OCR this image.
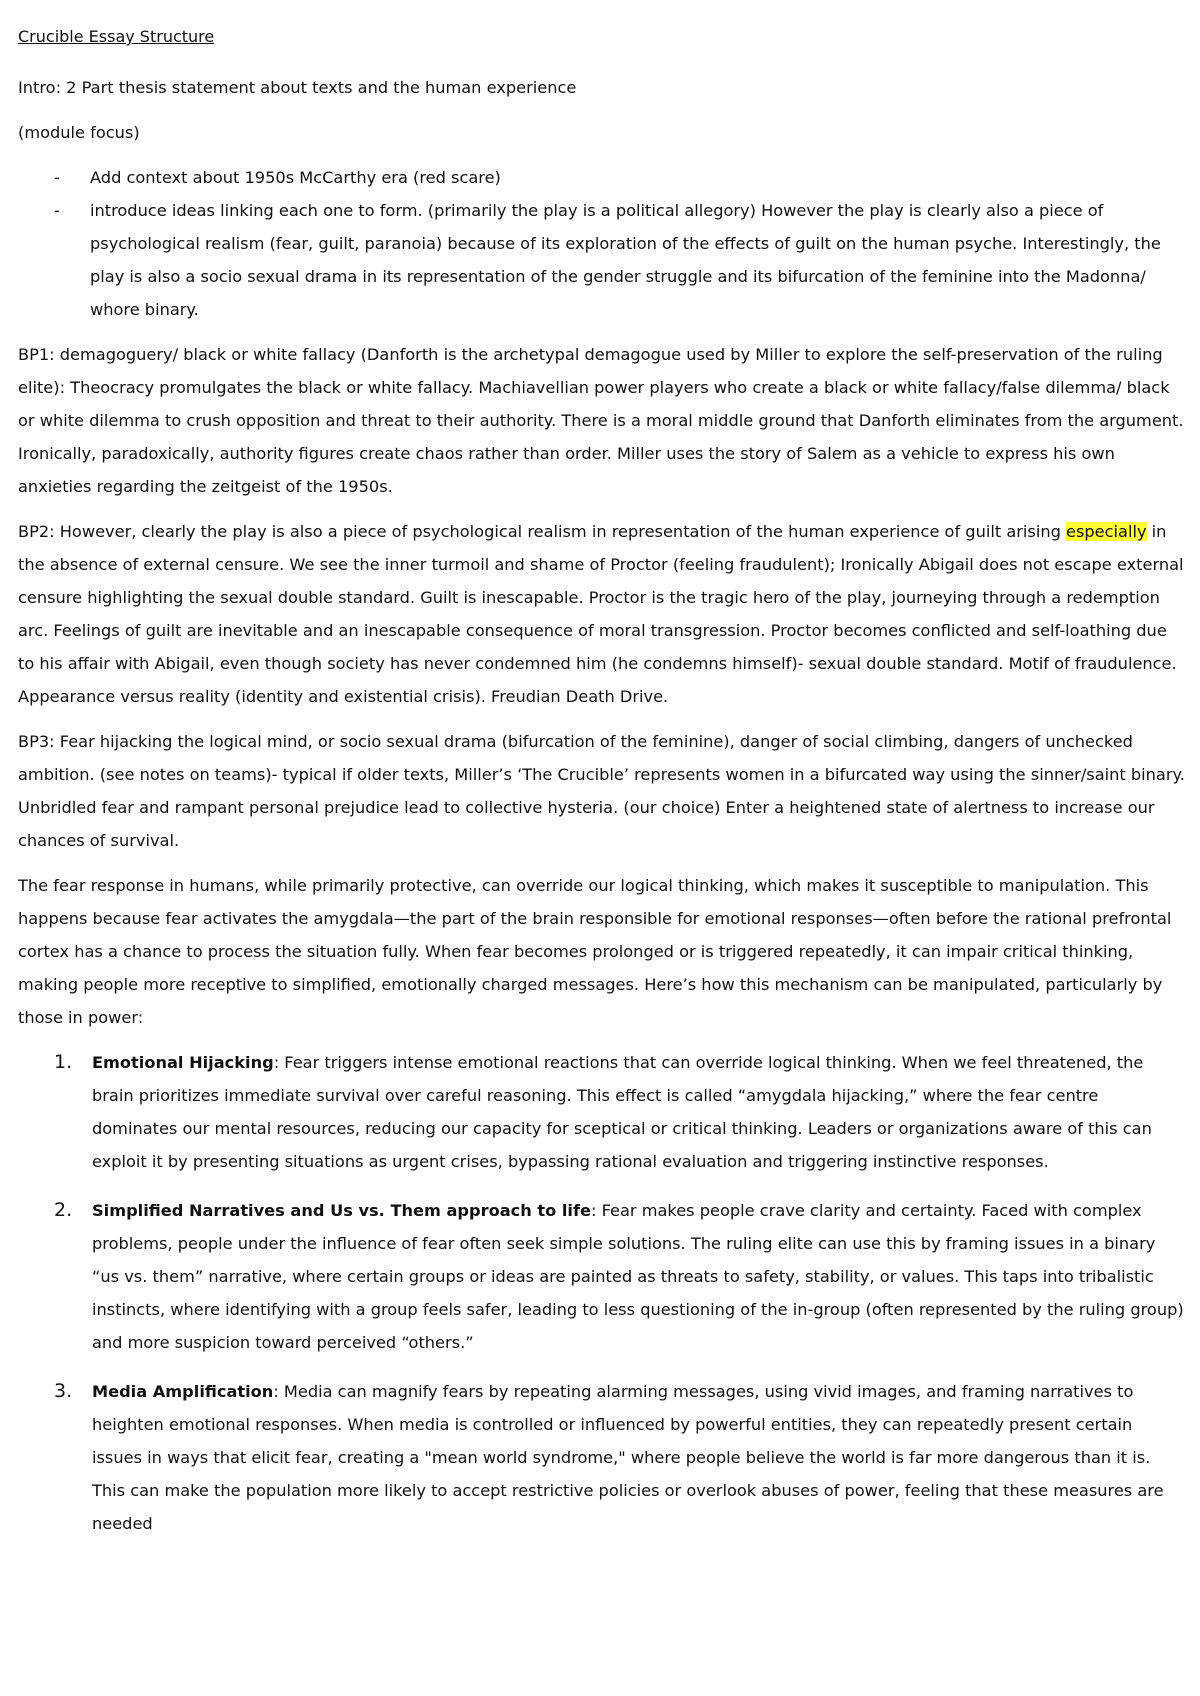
Crucible Essay Structure

Intro: 2 Part thesis statement about texts and the human experience

(module focus)

- Add context about 1950s McCarthy era (red scare)
- introduce ideas linking each one to form. (primarily the play is a political allegory) However the play is clearly also a piece of psychological realism (fear, guilt, paranoia) because of its exploration of the effects of guilt on the human psyche. Interestingly, the play is also a socio sexual drama in its representation of the gender struggle and its bifurcation of the feminine into the Madonna/ whore binary.

BP1: demagoguery/ black or white fallacy (Danforth is the archetypal demagogue used by Miller to explore the self-preservation of the ruling elite): Theocracy promulgates the black or white fallacy. Machiavellian power players who create a black or white fallacy/false dilemma/ black or white dilemma to crush opposition and threat to their authority. There is a moral middle ground that Danforth eliminates from the argument. Ironically, paradoxically, authority figures create chaos rather than order. Miller uses the story of Salem as a vehicle to express his own anxieties regarding the zeitgeist of the 1950s.

BP2: However, clearly the play is also a piece of psychological realism in representation of the human experience of guilt arising especially in the absence of external censure. We see the inner turmoil and shame of Proctor (feeling fraudulent); Ironically Abigail does not escape external censure highlighting the sexual double standard. Guilt is inescapable. Proctor is the tragic hero of the play, journeying through a redemption arc. Feelings of guilt are inevitable and an inescapable consequence of moral transgression. Proctor becomes conflicted and self-loathing due to his affair with Abigail, even though society has never condemned him (he condemns himself)- sexual double standard. Motif of fraudulence. Appearance versus reality (identity and existential crisis). Freudian Death Drive.

BP3: Fear hijacking the logical mind, or socio sexual drama (bifurcation of the feminine), danger of social climbing, dangers of unchecked ambition. (see notes on teams)- typical if older texts, Miller’s ‘The Crucible’ represents women in a bifurcated way using the sinner/saint binary. Unbridled fear and rampant personal prejudice lead to collective hysteria. (our choice) Enter a heightened state of alertness to increase our chances of survival.

The fear response in humans, while primarily protective, can override our logical thinking, which makes it susceptible to manipulation. This happens because fear activates the amygdala—the part of the brain responsible for emotional responses—often before the rational prefrontal cortex has a chance to process the situation fully. When fear becomes prolonged or is triggered repeatedly, it can impair critical thinking, making people more receptive to simplified, emotionally charged messages. Here’s how this mechanism can be manipulated, particularly by those in power:

1. Emotional Hijacking: Fear triggers intense emotional reactions that can override logical thinking. When we feel threatened, the brain prioritizes immediate survival over careful reasoning. This effect is called “amygdala hijacking,” where the fear centre dominates our mental resources, reducing our capacity for sceptical or critical thinking. Leaders or organizations aware of this can exploit it by presenting situations as urgent crises, bypassing rational evaluation and triggering instinctive responses.
2. Simplified Narratives and Us vs. Them approach to life: Fear makes people crave clarity and certainty. Faced with complex problems, people under the influence of fear often seek simple solutions. The ruling elite can use this by framing issues in a binary “us vs. them” narrative, where certain groups or ideas are painted as threats to safety, stability, or values. This taps into tribalistic instincts, where identifying with a group feels safer, leading to less questioning of the in-group (often represented by the ruling group) and more suspicion toward perceived “others.”
3. Media Amplification: Media can magnify fears by repeating alarming messages, using vivid images, and framing narratives to heighten emotional responses. When media is controlled or influenced by powerful entities, they can repeatedly present certain issues in ways that elicit fear, creating a "mean world syndrome," where people believe the world is far more dangerous than it is. This can make the population more likely to accept restrictive policies or overlook abuses of power, feeling that these measures are needed
